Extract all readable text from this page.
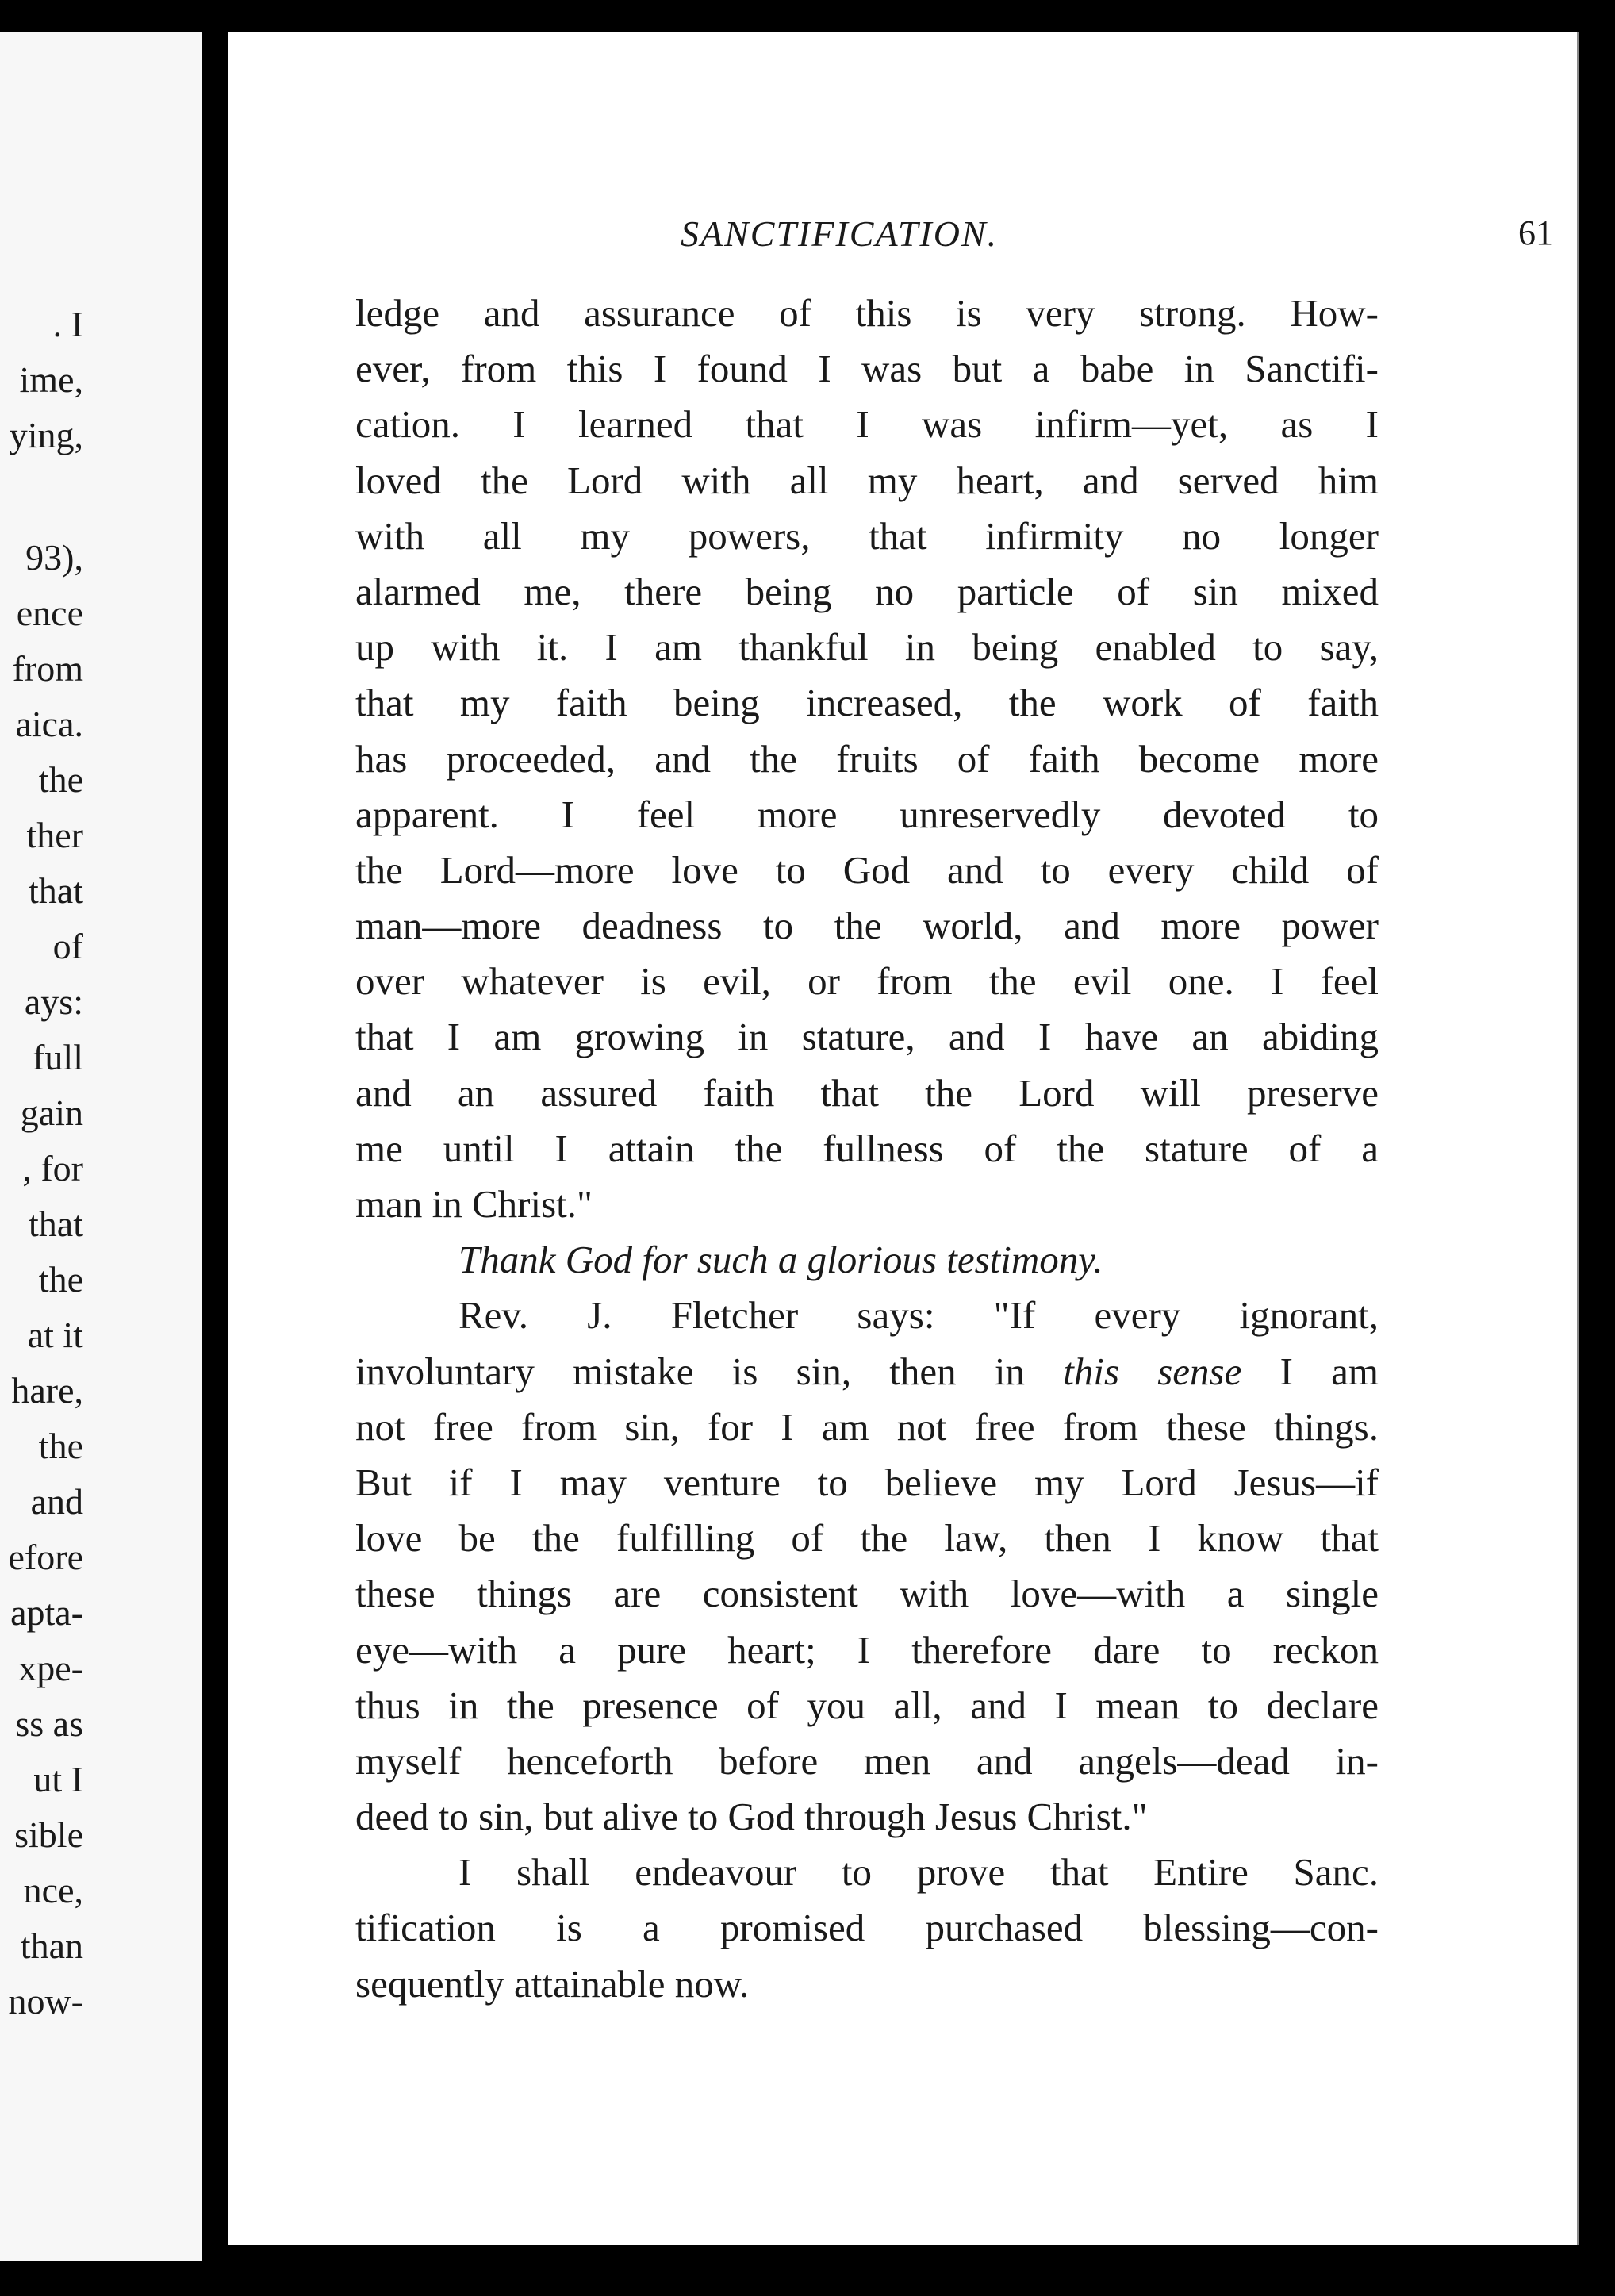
. I
ime,
ying,
93),
ence
from
aica.
the
ther
that
of
ays:
full
gain
, for
that
the
at it
hare,
the
and
efore
apta-
xpe-
ss as
ut I
sible
nce,
than
now-
SANCTIFICATION.	61
ledge and assurance of this is very strong. How-
ever, from this I found I was but a babe in Sanctifi-
cation. I learned that I was infirm—yet, as I
loved the Lord with all my heart, and served him
with all my powers, that infirmity no longer
alarmed me, there being no particle of sin mixed
up with it. I am thankful in being enabled to say,
that my faith being increased, the work of faith
has proceeded, and the fruits of faith become more
apparent. I feel more unreservedly devoted to
the Lord—more love to God and to every child of
man—more deadness to the world, and more power
over whatever is evil, or from the evil one. I feel
that I am growing in stature, and I have an abiding
and an assured faith that the Lord will preserve
me until I attain the fullness of the stature of a
man in Christ."
Thank God for such a glorious testimony.
Rev. J. Fletcher says: "If every ignorant,
involuntary mistake is sin, then in this sense I am
not free from sin, for I am not free from these things.
But if I may venture to believe my Lord Jesus—if
love be the fulfilling of the law, then I know that
these things are consistent with love—with a single
eye—with a pure heart; I therefore dare to reckon
thus in the presence of you all, and I mean to declare
myself henceforth before men and angels—dead in-
deed to sin, but alive to God through Jesus Christ."
I shall endeavour to prove that Entire Sanc.
tification is a promised purchased blessing—con-
sequently attainable now.
